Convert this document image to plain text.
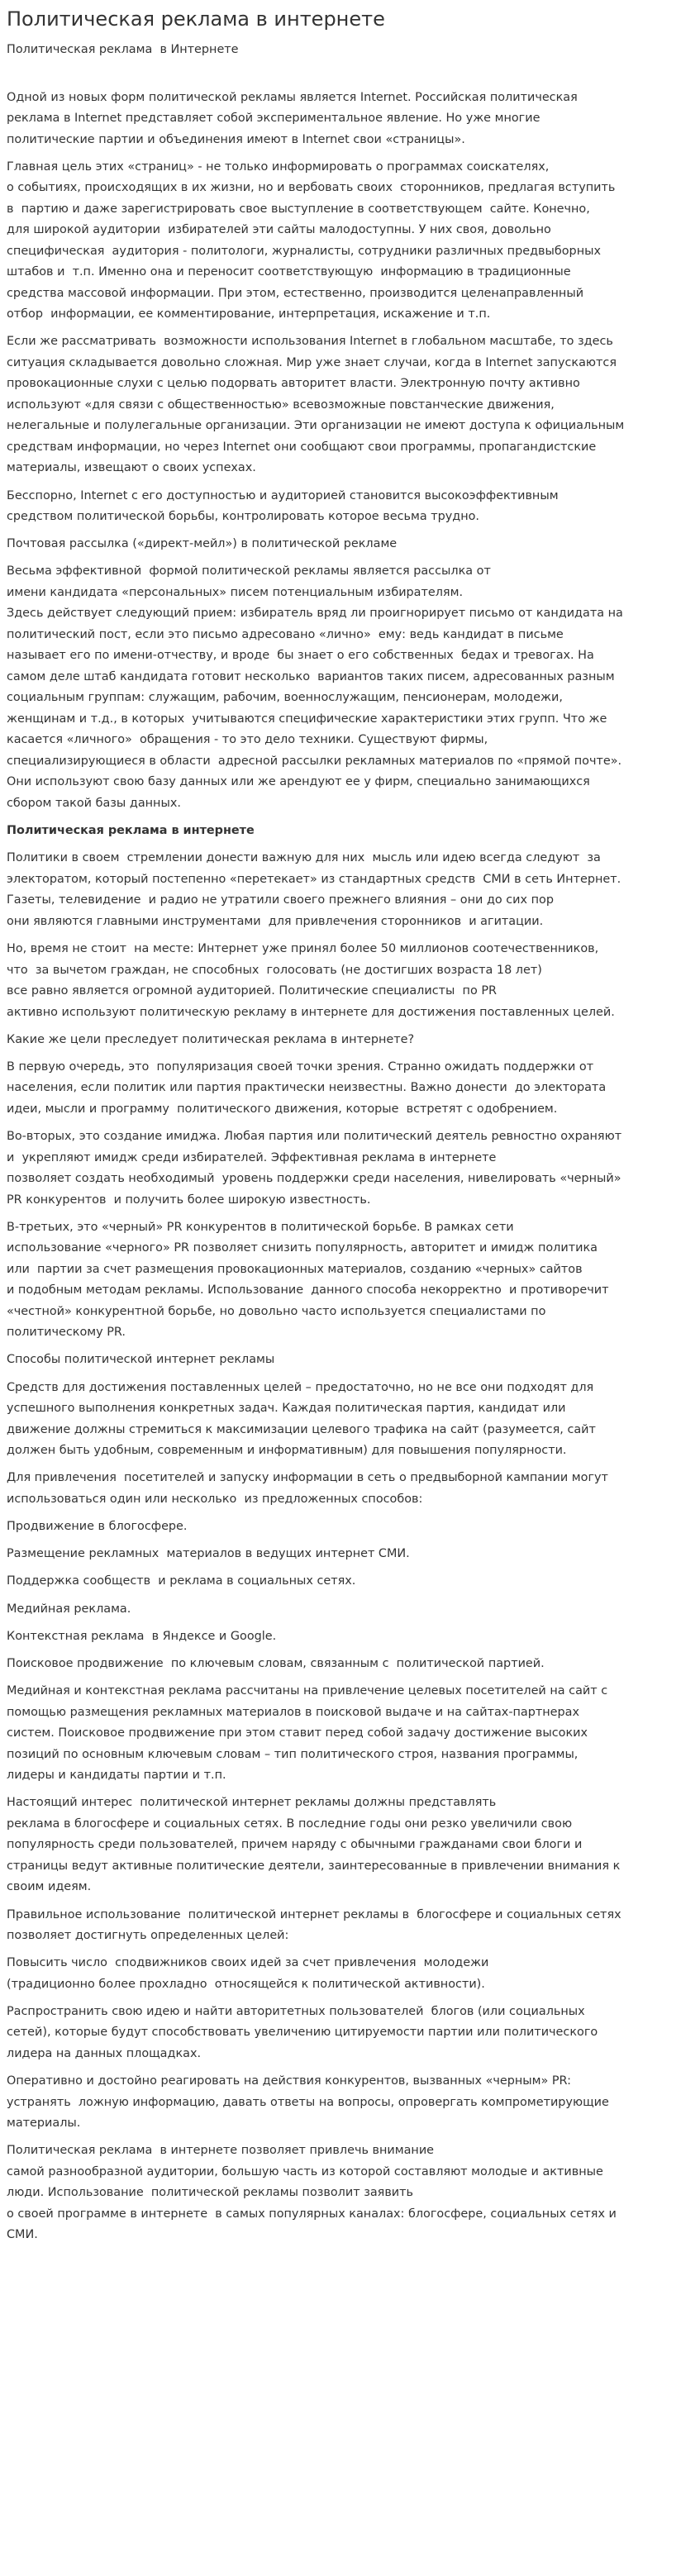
Политическая реклама в интернете
Политическая реклама  в Интернете
Одной из новых форм политической рекламы является Internet. Российская политическая
реклама в Internet представляет собой экспериментальное явление. Но уже многие
политические партии и объединения имеют в Internet свои «страницы».
Главная цель этих «страниц» - не только информировать о программах соискателях,
о событиях, происходящих в их жизни, но и вербовать своих  сторонников, предлагая вступить
в  партию и даже зарегистрировать свое выступление в соответствующем  сайте. Конечно,
для широкой аудитории  избирателей эти сайты малодоступны. У них своя, довольно
специфическая  аудитория - политологи, журналисты, сотрудники различных предвыборных
штабов и  т.п. Именно она и переносит соответствующую  информацию в традиционные
средства массовой информации. При этом, естественно, производится целенаправленный
отбор  информации, ее комментирование, интерпретация, искажение и т.п.
Если же рассматривать  возможности использования Internet в глобальном масштабе, то здесь
ситуация складывается довольно сложная. Мир уже знает случаи, когда в Internet запускаются
провокационные слухи с целью подорвать авторитет власти. Электронную почту активно
используют «для связи с общественностью» всевозможные повстанческие движения,
нелегальные и полулегальные организации. Эти организации не имеют доступа к официальным
средствам информации, но через Internet они сообщают свои программы, пропагандистские
материалы, извещают о своих успехах.
Бесспорно, Internet с его доступностью и аудиторией становится высокоэффективным
средством политической борьбы, контролировать которое весьма трудно.
Почтовая рассылка («директ-мейл») в политической рекламе
Весьма эффективной  формой политической рекламы является рассылка от
имени кандидата «персональных» писем потенциальным избирателям.
Здесь действует следующий прием: избиратель вряд ли проигнорирует письмо от кандидата на
политический пост, если это письмо адресовано «лично»  ему: ведь кандидат в письме
называет его по имени-отчеству, и вроде  бы знает о его собственных  бедах и тревогах. На
самом деле штаб кандидата готовит несколько  вариантов таких писем, адресованных разным
социальным группам: служащим, рабочим, военнослужащим, пенсионерам, молодежи,
женщинам и т.д., в которых  учитываются специфические характеристики этих групп. Что же
касается «личного»  обращения - то это дело техники. Существуют фирмы,
специализирующиеся в области  адресной рассылки рекламных материалов по «прямой почте».
Они используют свою базу данных или же арендуют ее у фирм, специально занимающихся
сбором такой базы данных.
Политическая реклама в интернете
Политики в своем  стремлении донести важную для них  мысль или идею всегда следуют  за
электоратом, который постепенно «перетекает» из стандартных средств  СМИ в сеть Интернет.
Газеты, телевидение  и радио не утратили своего прежнего влияния – они до сих пор
они являются главными инструментами  для привлечения сторонников  и агитации.
Но, время не стоит  на месте: Интернет уже принял более 50 миллионов соотечественников,
что  за вычетом граждан, не способных  голосовать (не достигших возраста 18 лет)
все равно является огромной аудиторией. Политические специалисты  по PR
активно используют политическую рекламу в интернете для достижения поставленных целей.
Какие же цели преследует политическая реклама в интернете?
В первую очередь, это  популяризация своей точки зрения. Странно ожидать поддержки от
населения, если политик или партия практически неизвестны. Важно донести  до электората
идеи, мысли и программу  политического движения, которые  встретят с одобрением.
Во-вторых, это создание имиджа. Любая партия или политический деятель ревностно охраняют
и  укрепляют имидж среди избирателей. Эффективная реклама в интернете
позволяет создать необходимый  уровень поддержки среди населения, нивелировать «черный»
PR конкурентов  и получить более широкую известность.
В-третьих, это «черный» PR конкурентов в политической борьбе. В рамках сети
использование «черного» PR позволяет снизить популярность, авторитет и имидж политика
или  партии за счет размещения провокационных материалов, созданию «черных» сайтов
и подобным методам рекламы. Использование  данного способа некорректно  и противоречит
«честной» конкурентной борьбе, но довольно часто используется специалистами по
политическому PR.
Способы политической интернет рекламы
Средств для достижения поставленных целей – предостаточно, но не все они подходят для
успешного выполнения конкретных задач. Каждая политическая партия, кандидат или
движение должны стремиться к максимизации целевого трафика на сайт (разумеется, сайт
должен быть удобным, современным и информативным) для повышения популярности.
Для привлечения  посетителей и запуску информации в сеть о предвыборной кампании могут
использоваться один или несколько  из предложенных способов:
Продвижение в блогосфере.
Размещение рекламных  материалов в ведущих интернет СМИ.
Поддержка сообществ  и реклама в социальных сетях.
Медийная реклама.
Контекстная реклама  в Яндексе и Google.
Поисковое продвижение  по ключевым словам, связанным с  политической партией.
Медийная и контекстная реклама рассчитаны на привлечение целевых посетителей на сайт с
помощью размещения рекламных материалов в поисковой выдаче и на сайтах-партнерах
систем. Поисковое продвижение при этом ставит перед собой задачу достижение высоких
позиций по основным ключевым словам – тип политического строя, названия программы,
лидеры и кандидаты партии и т.п.
Настоящий интерес  политической интернет рекламы должны представлять
реклама в блогосфере и социальных сетях. В последние годы они резко увеличили свою
популярность среди пользователей, причем наряду с обычными гражданами свои блоги и
страницы ведут активные политические деятели, заинтересованные в привлечении внимания к
своим идеям.
Правильное использование  политической интернет рекламы в  блогосфере и социальных сетях
позволяет достигнуть определенных целей:
Повысить число  сподвижников своих идей за счет привлечения  молодежи
(традиционно более прохладно  относящейся к политической активности).
Распространить свою идею и найти авторитетных пользователей  блогов (или социальных
сетей), которые будут способствовать увеличению цитируемости партии или политического
лидера на данных площадках.
Оперативно и достойно реагировать на действия конкурентов, вызванных «черным» PR:
устранять  ложную информацию, давать ответы на вопросы, опровергать компрометирующие
материалы.
Политическая реклама  в интернете позволяет привлечь внимание
самой разнообразной аудитории, большую часть из которой составляют молодые и активные
люди. Использование  политической рекламы позволит заявить
о своей программе в интернете  в самых популярных каналах: блогосфере, социальных сетях и
СМИ.
